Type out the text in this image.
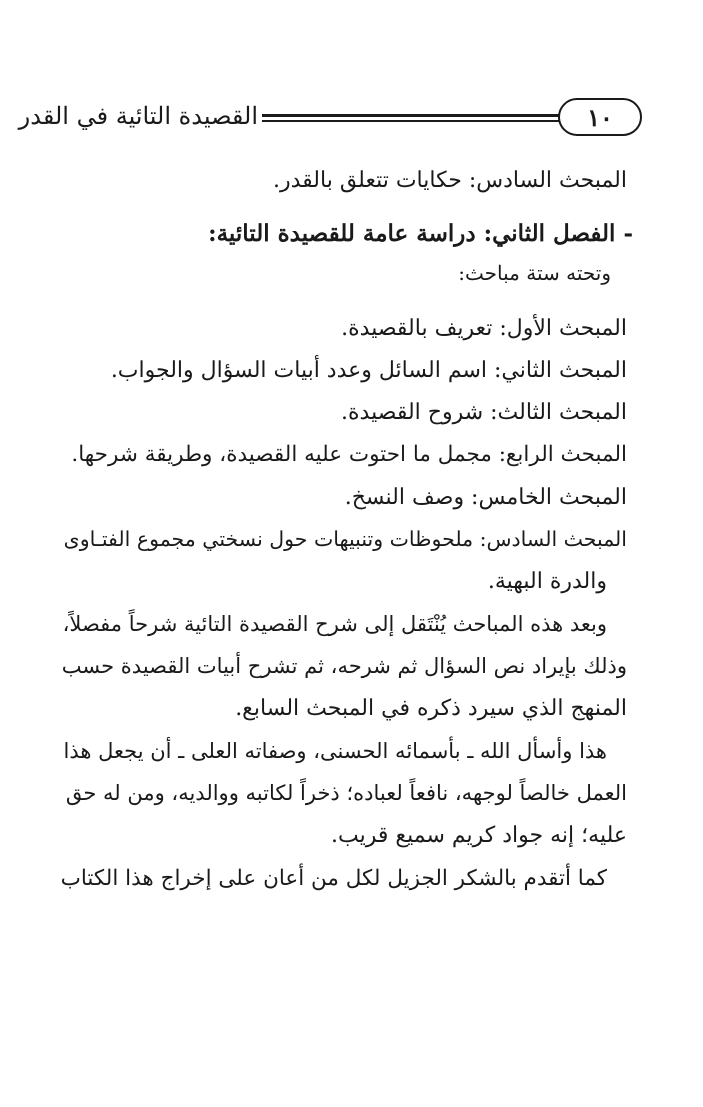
١٠
القصيدة التائية في القدر
المبحث السادس: حكايات تتعلق بالقدر.
- الفصل الثاني: دراسة عامة للقصيدة التائية:
وتحته ستة مباحث:
المبحث الأول: تعريف بالقصيدة.
المبحث الثاني: اسم السائل وعدد أبيات السؤال والجواب.
المبحث الثالث: شروح القصيدة.
المبحث الرابع: مجمل ما احتوت عليه القصيدة، وطريقة شرحها.
المبحث الخامس: وصف النسخ.
المبحث السادس: ملحوظات وتنبيهات حول نسختي مجموع الفتـاوى
والدرة البهية.
وبعد هذه المباحث يُنْتَقل إلى شرح القصيدة التائية شرحاً مفصلاً،
وذلك بإيراد نص السؤال ثم شرحه، ثم تشرح أبيات القصيدة حسب
المنهج الذي سيرد ذكره في المبحث السابع.
هذا وأسأل الله ـ بأسمائه الحسنى، وصفاته العلى ـ أن يجعل هذا
العمل خالصاً لوجهه، نافعاً لعباده؛ ذخراً لكاتبه ووالديه، ومن له حق
عليه؛ إنه جواد كريم سميع قريب.
كما أتقدم بالشكر الجزيل لكل من أعان على إخراج هذا الكتاب
